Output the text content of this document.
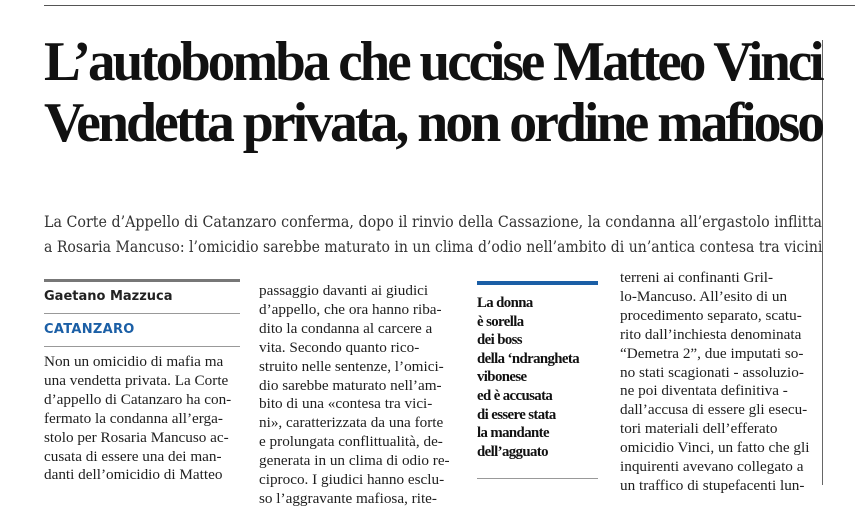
L’autobomba che uccise Matteo Vinci
Vendetta privata, non ordine mafioso
La Corte d’Appello di Catanzaro conferma, dopo il rinvio della Cassazione, la condanna all’ergastolo inflitta
a Rosaria Mancuso: l’omicidio sarebbe maturato in un clima d’odio nell’ambito di un’antica contesa tra vicini
Gaetano Mazzuca
CATANZARO
Non un omicidio di mafia ma
una vendetta privata. La Corte
d’appello di Catanzaro ha con-
fermato la condanna all’erga-
stolo per Rosaria Mancuso ac-
cusata di essere una dei man-
danti dell’omicidio di Matteo
passaggio davanti ai giudici
d’appello, che ora hanno riba-
dito la condanna al carcere a
vita. Secondo quanto rico-
struito nelle sentenze, l’omici-
dio sarebbe maturato nell’am-
bito di una «contesa tra vici-
ni», caratterizzata da una forte
e prolungata conflittualità, de-
generata in un clima di odio re-
ciproco. I giudici hanno esclu-
so l’aggravante mafiosa, rite-
La donna
è sorella
dei boss
della ‘ndrangheta
vibonese
ed è accusata
di essere stata
la mandante
dell’agguato
terreni ai confinanti Gril-
lo-Mancuso. All’esito di un
procedimento separato, scatu-
rito dall’inchiesta denominata
“Demetra 2”, due imputati so-
no stati scagionati - assoluzio-
ne poi diventata definitiva -
dall’accusa di essere gli esecu-
tori materiali dell’efferato
omicidio Vinci, un fatto che gli
inquirenti avevano collegato a
un traffico di stupefacenti lun-
